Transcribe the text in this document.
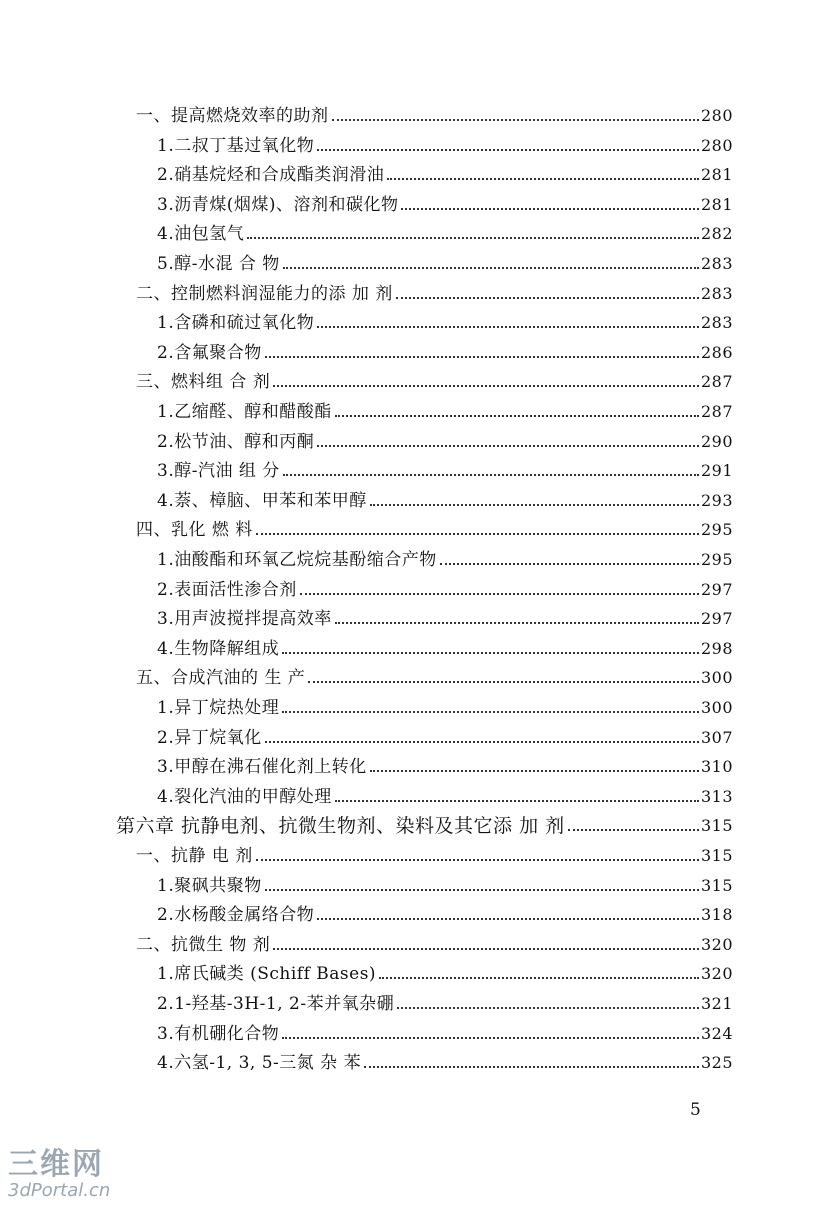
一、提高燃烧效率的助剂	280
1.二叔丁基过氧化物	280
2.硝基烷烃和合成酯类润滑油	281
3.沥青煤(烟煤)、溶剂和碳化物	281
4.油包氢气	282
5.醇-水混 合 物	283
二、控制燃料润湿能力的添 加 剂	283
1.含磷和硫过氧化物	283
2.含氟聚合物	286
三、燃料组 合 剂	287
1.乙缩醛、醇和醋酸酯	287
2.松节油、醇和丙酮	290
3.醇-汽油 组 分	291
4.萘、樟脑、甲苯和苯甲醇	293
四、乳化 燃 料	295
1.油酸酯和环氧乙烷烷基酚缩合产物	295
2.表面活性渗合剂	297
3.用声波搅拌提高效率	297
4.生物降解组成	298
五、合成汽油的 生 产	300
1.异丁烷热处理	300
2.异丁烷氧化	307
3.甲醇在沸石催化剂上转化	310
4.裂化汽油的甲醇处理	313
第六章 抗静电剂、抗微生物剂、染料及其它添 加 剂	315
一、抗静 电 剂	315
1.聚砜共聚物	315
2.水杨酸金属络合物	318
二、抗微生 物 剂	320
1.席氏碱类 (Schiff Bases)	320
2.1-羟基-3H-1, 2-苯并氧杂硼	321
3.有机硼化合物	324
4.六氢-1, 3, 5-三氮 杂 苯	325
5
三维网
3dPortal.cn
